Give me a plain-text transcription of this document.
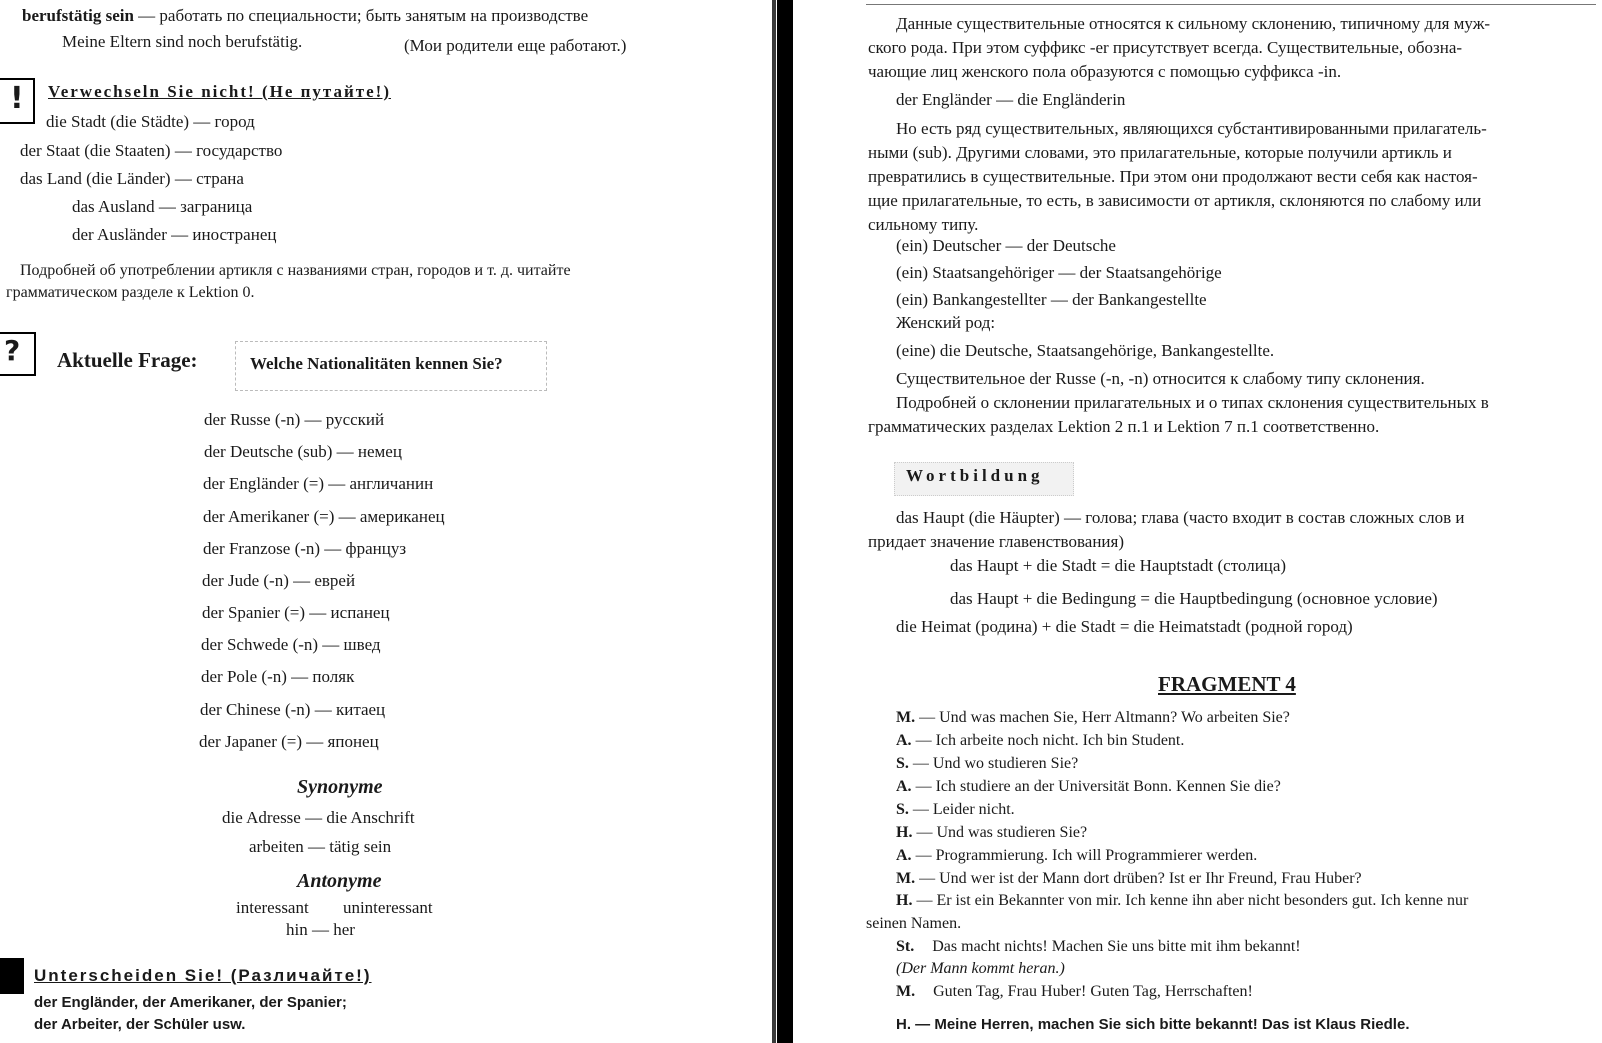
berufstätig sein — работать по специальности; быть занятым на производстве
Meine Eltern sind noch berufstätig.	(Мои родители еще работают.)
! Verwechseln Sie nicht! (Не путайте!)
die Stadt (die Städte) — город
der Staat (die Staaten) — государство
das Land (die Länder) — страна
das Ausland — заграница
der Ausländer — иностранец
Подробней об употреблении артикля с названиями стран, городов и т. д. читайте
грамматическом разделе к Lektion 0.
? Aktuelle Frage:	Welche Nationalitäten kennen Sie?
der Russe (-n) — русский
der Deutsche (sub) — немец
der Engländer (=) — англичанин
der Amerikaner (=) — американец
der Franzose (-n) — француз
der Jude (-n) — еврей
der Spanier (=) — испанец
der Schwede (-n) — швед
der Pole (-n) — поляк
der Chinese (-n) — китаец
der Japaner (=) — японец
Synonyme
die Adresse — die Anschrift
arbeiten — tätig sein
Antonyme
interessant uninteressant
hin — her
Unterscheiden Sie! (Различайте!)
der Engländer, der Amerikaner, der Spanier;
der Arbeiter, der Schüler usw.
Данные существительные относятся к сильному склонению, типичному для муж-
ского рода. При этом суффикс -er присутствует всегда. Существительные, обозна-
чающие лиц женского пола образуются с помощью суффикса -in.
der Engländer — die Engländerin
Но есть ряд существительных, являющихся субстантивированными прилагатель-
ными (sub). Другими словами, это прилагательные, которые получили артикль и
превратились в существительные. При этом они продолжают вести себя как настоя-
щие прилагательные, то есть, в зависимости от артикля, склоняются по слабому или
сильному типу.
(ein) Deutscher — der Deutsche
(ein) Staatsangehöriger — der Staatsangehörige
(ein) Bankangestellter — der Bankangestellte
Женский род:
(eine) die Deutsche, Staatsangehörige, Bankangestellte.
Существительное der Russe (-n, -n) относится к слабому типу склонения.
Подробней о склонении прилагательных и о типах склонения существительных в
грамматических разделах Lektion 2 п.1 и Lektion 7 п.1 соответственно.
Wortbildung
das Haupt (die Häupter) — голова; глава (часто входит в состав сложных слов и
придает значение главенствования)
das Haupt + die Stadt = die Hauptstadt (столица)
das Haupt + die Bedingung = die Hauptbedingung (основное условие)
die Heimat (родина) + die Stadt = die Heimatstadt (родной город)
FRAGMENT 4
M. — Und was machen Sie, Herr Altmann? Wo arbeiten Sie?
A. — Ich arbeite noch nicht. Ich bin Student.
S. — Und wo studieren Sie?
A. — Ich studiere an der Universität Bonn. Kennen Sie die?
S. — Leider nicht.
H. — Und was studieren Sie?
A. — Programmierung. Ich will Programmierer werden.
M. — Und wer ist der Mann dort drüben? Ist er Ihr Freund, Frau Huber?
H. — Er ist ein Bekannter von mir. Ich kenne ihn aber nicht besonders gut. Ich kenne nur
seinen Namen.
St. Das macht nichts! Machen Sie uns bitte mit ihm bekannt!
(Der Mann kommt heran.)
M. Guten Tag, Frau Huber! Guten Tag, Herrschaften!
H. — Meine Herren, machen Sie sich bitte bekannt! Das ist Klaus Riedle.
